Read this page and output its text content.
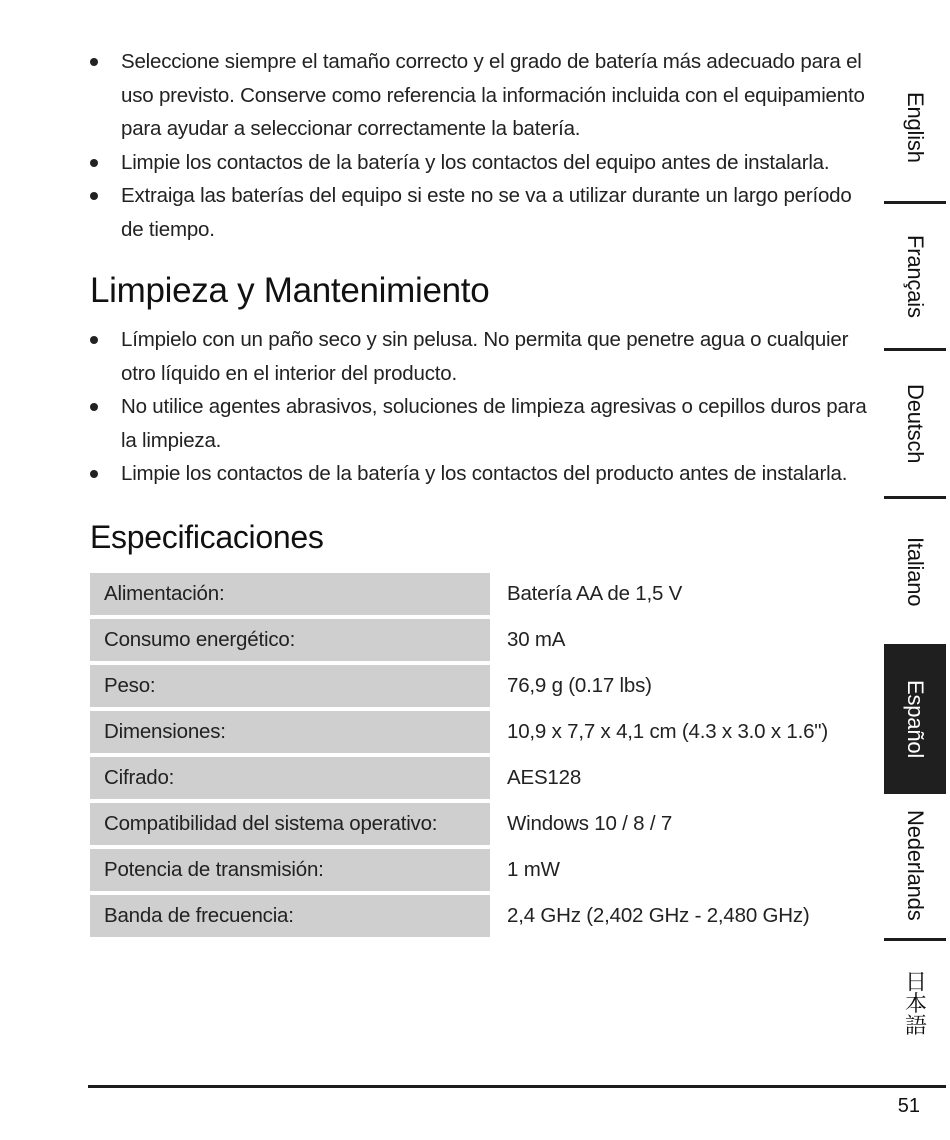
Seleccione siempre el tamaño correcto y el grado de batería más adecuado para el uso previsto. Conserve como referencia la información incluida con el equipamiento para ayudar a seleccionar correctamente la batería.
Limpie los contactos de la batería y los contactos del equipo antes de instalarla.
Extraiga las baterías del equipo si este no se va a utilizar durante un largo período de tiempo.
Limpieza y Mantenimiento
Límpielo con un paño seco y sin pelusa. No permita que penetre agua o cualquier otro líquido en el interior del producto.
No utilice agentes abrasivos, soluciones de limpieza agresivas o cepillos duros para la limpieza.
Limpie los contactos de la batería y los contactos del producto antes de instalarla.
Especificaciones
Alimentación:	Batería AA de 1,5 V
Consumo energético:	30 mA
Peso:	76,9 g (0.17 lbs)
Dimensiones:	10,9 x 7,7 x 4,1 cm (4.3 x 3.0 x 1.6")
Cifrado:	AES128
Compatibilidad del sistema operativo:	Windows 10 / 8 / 7
Potencia de transmisión:	1 mW
Banda de frecuencia:	2,4 GHz (2,402 GHz - 2,480 GHz)
English
Français
Deutsch
Italiano
Español
Nederlands
日本語
51
